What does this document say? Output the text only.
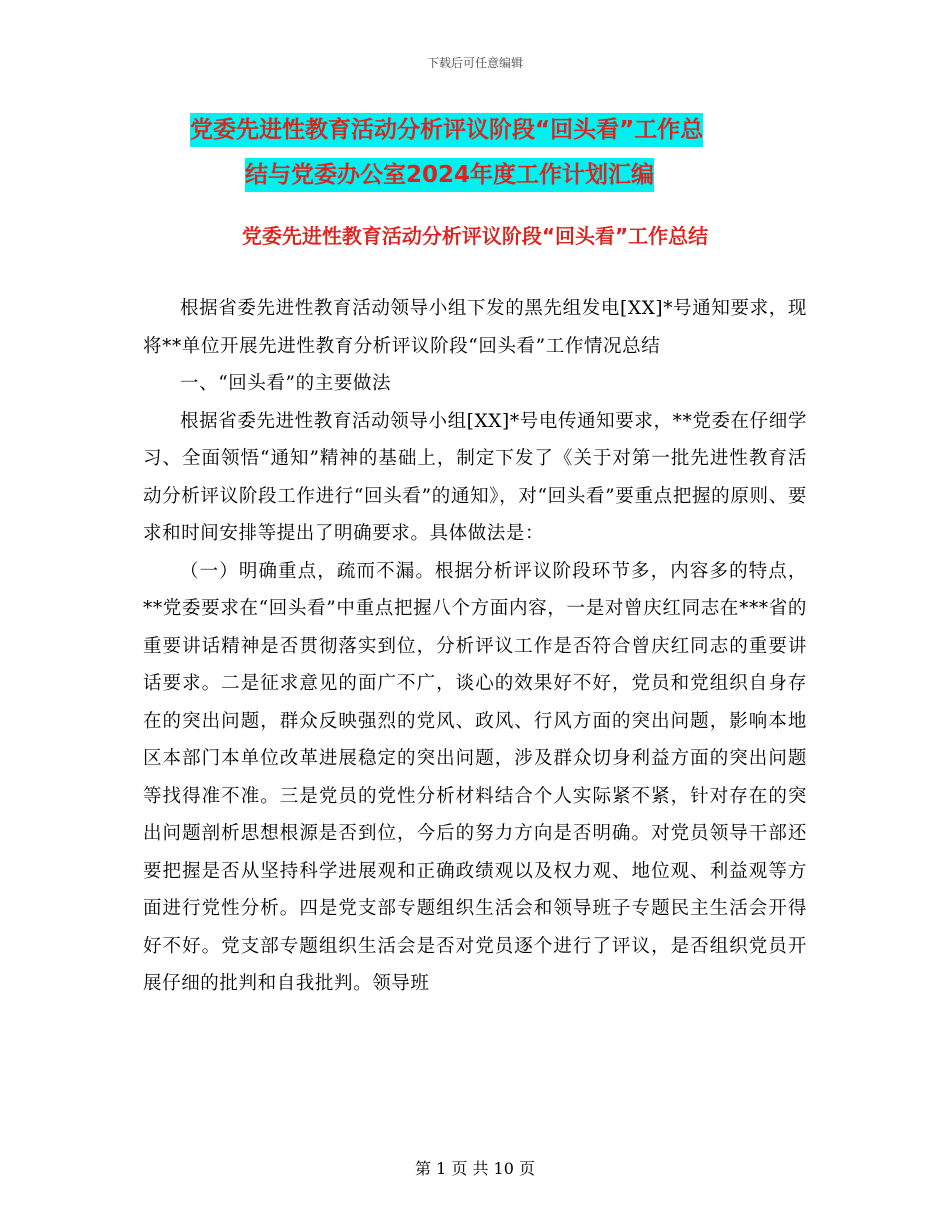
下载后可任意编辑
党委先进性教育活动分析评议阶段“回头看”工作总
结与党委办公室2024年度工作计划汇编
党委先进性教育活动分析评议阶段“回头看”工作总结

根据省委先进性教育活动领导小组下发的黑先组发电[XX]*号通知要求，现将**单位开展先进性教育分析评议阶段“回头看”工作情况总结

一、“回头看”的主要做法

根据省委先进性教育活动领导小组[XX]*号电传通知要求，**党委在仔细学习、全面领悟“通知”精神的基础上，制定下发了《关于对第一批先进性教育活动分析评议阶段工作进行“回头看”的通知》，对“回头看”要重点把握的原则、要求和时间安排等提出了明确要求。具体做法是：

（一）明确重点，疏而不漏。根据分析评议阶段环节多，内容多的特点，**党委要求在“回头看”中重点把握八个方面内容，一是对曾庆红同志在***省的重要讲话精神是否贯彻落实到位，分析评议工作是否符合曾庆红同志的重要讲话要求。二是征求意见的面广不广，谈心的效果好不好，党员和党组织自身存在的突出问题，群众反映强烈的党风、政风、行风方面的突出问题，影响本地区本部门本单位改革进展稳定的突出问题，涉及群众切身利益方面的突出问题等找得准不准。三是党员的党性分析材料结合个人实际紧不紧，针对存在的突出问题剖析思想根源是否到位，今后的努力方向是否明确。对党员领导干部还要把握是否从坚持科学进展观和正确政绩观以及权力观、地位观、利益观等方面进行党性分析。四是党支部专题组织生活会和领导班子专题民主生活会开得好不好。党支部专题组织生活会是否对党员逐个进行了评议，是否组织党员开展仔细的批判和自我批判。领导班

第 1 页 共 10 页
